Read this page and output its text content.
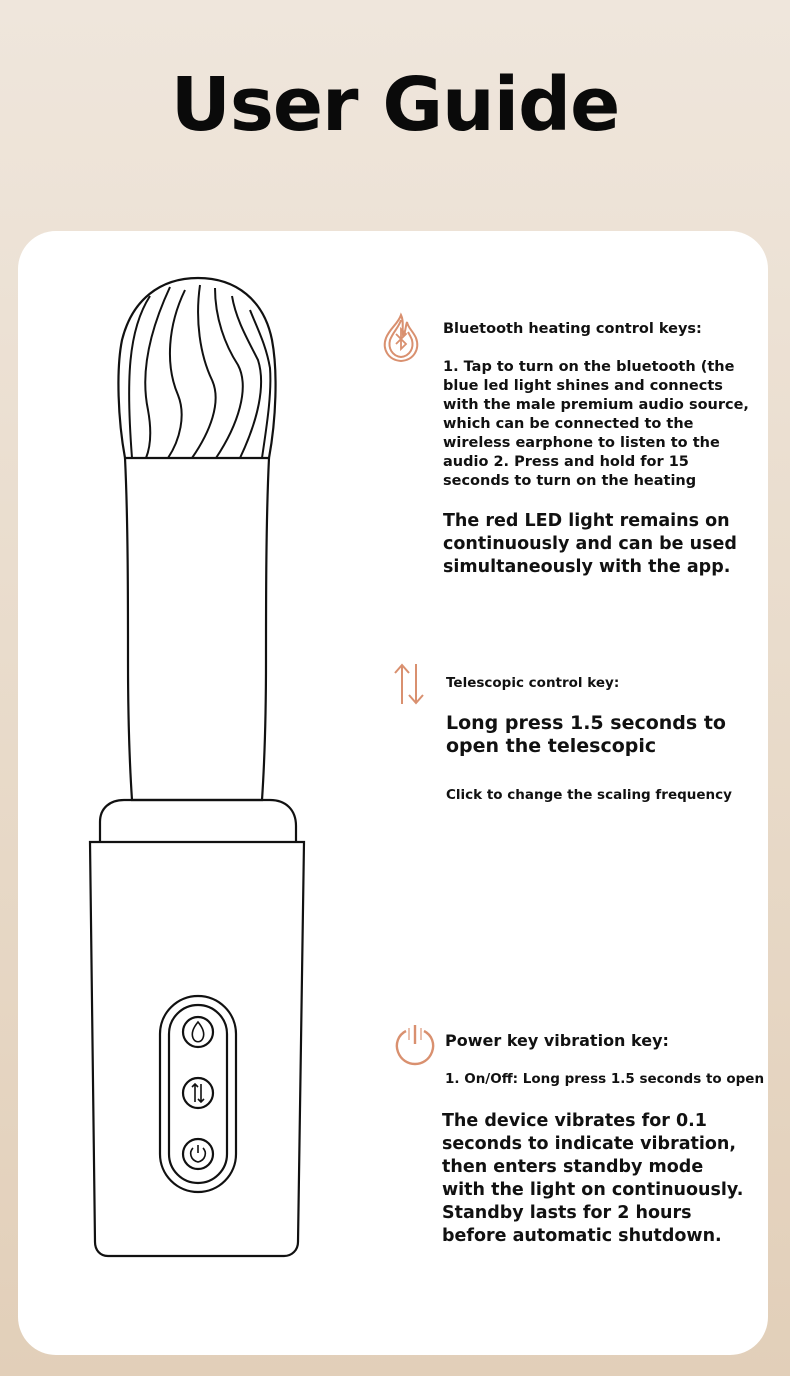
User Guide
Bluetooth heating control keys:
1. Tap to turn on the bluetooth (the
blue led light shines and connects
with the male premium audio source,
which can be connected to the
wireless earphone to listen to the
audio 2. Press and hold for 15
seconds to turn on the heating
The red LED light remains on
continuously and can be used
simultaneously with the app.
Telescopic control key:
Long press 1.5 seconds to
open the telescopic
Click to change the scaling frequency
Power key vibration key:
1. On/Off: Long press 1.5 seconds to open
The device vibrates for 0.1
seconds to indicate vibration,
then enters standby mode
with the light on continuously.
Standby lasts for 2 hours
before automatic shutdown.
